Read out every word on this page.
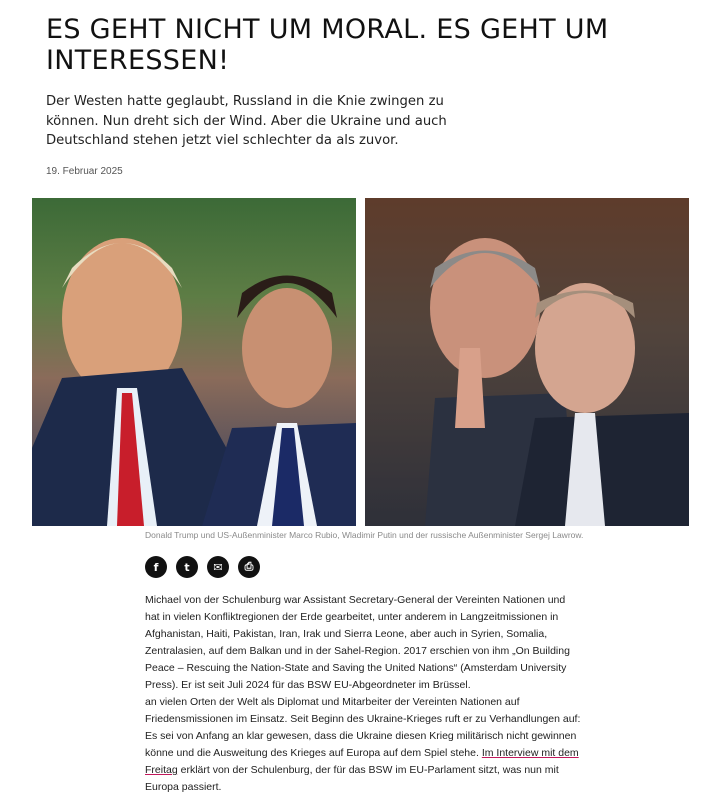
ES GEHT NICHT UM MORAL. ES GEHT UM INTERESSEN!

Der Westen hatte geglaubt, Russland in die Knie zwingen zu können. Nun dreht sich der Wind. Aber die Ukraine und auch Deutschland stehen jetzt viel schlechter da als zuvor.

19. Februar 2025
Donald Trump und US-Außenminister Marco Rubio, Wladimir Putin und der russische Außenminister Sergej Lawrow.
f	t	✉	⎙

Michael von der Schulenburg war Assistant Secretary-General der Vereinten Nationen und hat in vielen Konfliktregionen der Erde gearbeitet, unter anderem in Langzeitmissionen in Afghanistan, Haiti, Pakistan, Iran, Irak und Sierra Leone, aber auch in Syrien, Somalia, Zentralasien, auf dem Balkan und in der Sahel-Region. 2017 erschien von ihm „On Building Peace – Rescuing the Nation-State and Saving the United Nations“ (Amsterdam University Press). Er ist seit Juli 2024 für das BSW EU-Abgeordneter im Brüssel.

an vielen Orten der Welt als Diplomat und Mitarbeiter der Vereinten Nationen auf Friedensmissionen im Einsatz. Seit Beginn des Ukraine-Krieges ruft er zu Verhandlungen auf: Es sei von Anfang an klar gewesen, dass die Ukraine diesen Krieg militärisch nicht gewinnen könne und die Ausweitung des Krieges auf Europa auf dem Spiel stehe. Im Interview mit dem Freitag erklärt von der Schulenburg, der für das BSW im EU-Parlament sitzt, was nun mit Europa passiert.
